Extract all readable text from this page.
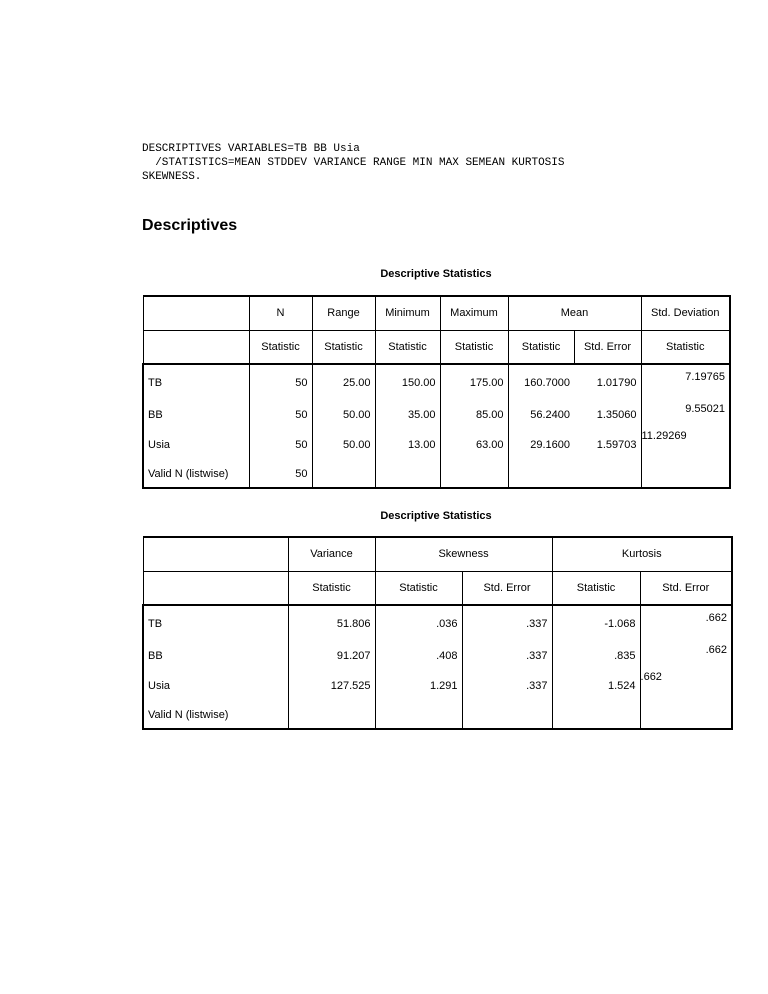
DESCRIPTIVES VARIABLES=TB BB Usia
/STATISTICS=MEAN STDDEV VARIANCE RANGE MIN MAX SEMEAN KURTOSIS
SKEWNESS.
Descriptives
Descriptive Statistics
	N	Range	Minimum	Maximum	Mean		Std. Deviation
	Statistic	Statistic	Statistic	Statistic	Statistic	Std. Error	Statistic
TB	50	25.00	150.00	175.00	160.7000	1.01790	7.19765
BB	50	50.00	35.00	85.00	56.2400	1.35060	9.55021
Usia	50	50.00	13.00	63.00	29.1600	1.59703	11.29269
Valid N (listwise)	50						
Descriptive Statistics
	Variance	Skewness		Kurtosis	
	Statistic	Statistic	Std. Error	Statistic	Std. Error
TB	51.806	.036	.337	-1.068	.662
BB	91.207	.408	.337	.835	.662
Usia	127.525	1.291	.337	1.524	.662
Valid N (listwise)					
